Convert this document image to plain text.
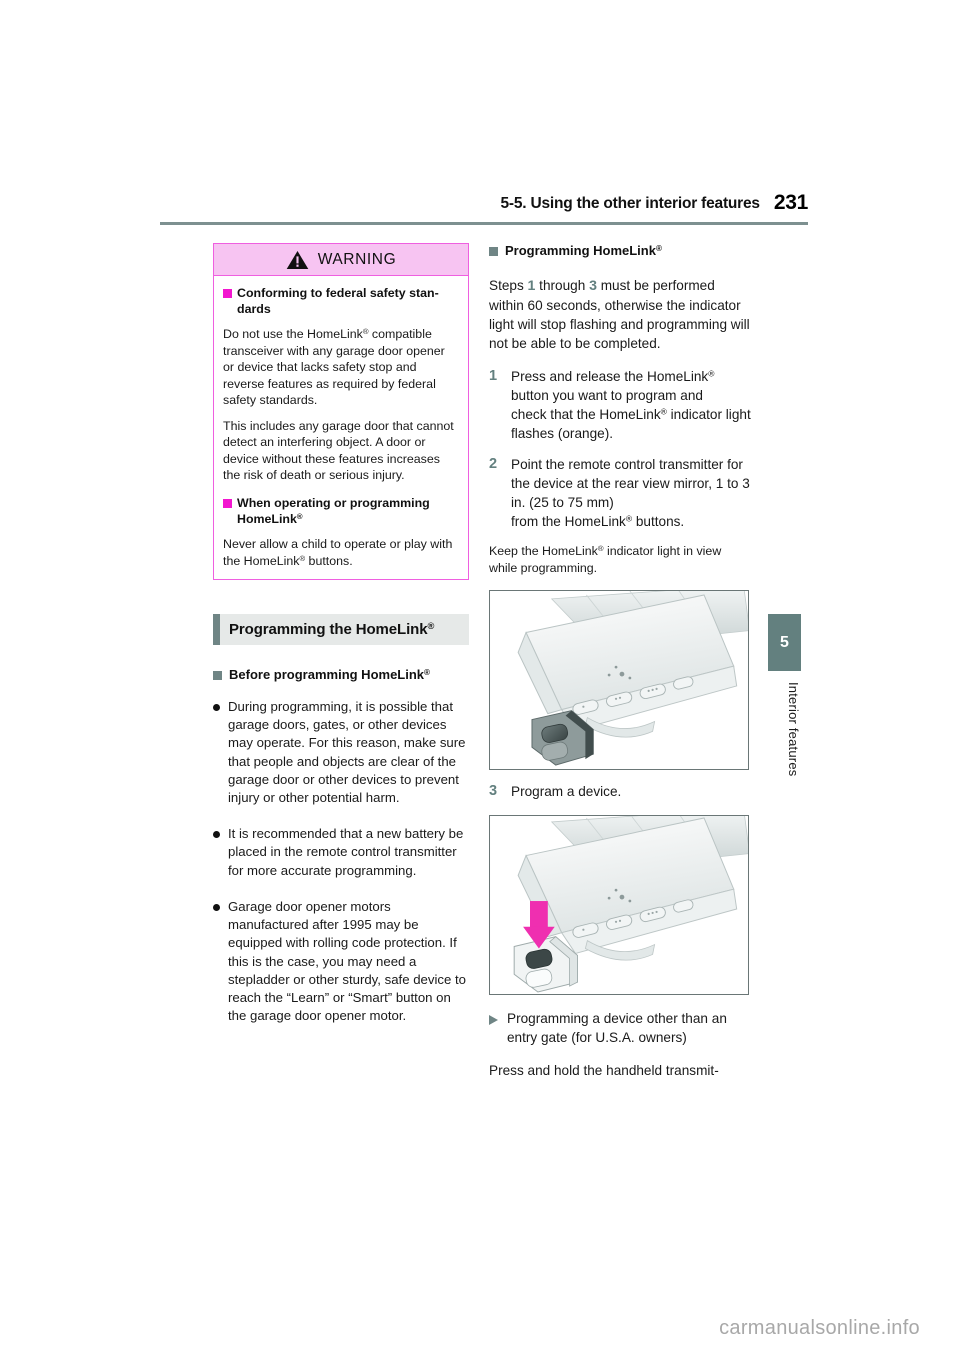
5-5. Using the other interior features 231
WARNING
Conforming to federal safety stan-dards

Do not use the HomeLink® compatible transceiver with any garage door opener or device that lacks safety stop and reverse features as required by federal safety standards.

This includes any garage door that cannot detect an interfering object. A door or device without these features increases the risk of death or serious injury.

When operating or programming HomeLink®

Never allow a child to operate or play with the HomeLink® buttons.

Programming the HomeLink®
Before programming HomeLink®
During programming, it is possible that garage doors, gates, or other devices may operate. For this reason, make sure that people and objects are clear of the garage door or other devices to prevent injury or other potential harm.
It is recommended that a new battery be placed in the remote control transmitter for more accurate programming.
Garage door opener motors manufactured after 1995 may be equipped with rolling code protection. If this is the case, you may need a stepladder or other sturdy, safe device to reach the “Learn” or “Smart” button on the garage door opener motor.
Programming HomeLink®

Steps 1 through 3 must be performed within 60 seconds, otherwise the indicator light will stop flashing and programming will not be able to be completed.

1	Press and release the HomeLink® button you want to program and
check that the HomeLink® indicator light flashes (orange).
2	Point the remote control transmitter for the device at the rear view mirror, 1 to 3 in. (25 to 75 mm)
from the HomeLink® buttons.

Keep the HomeLink® indicator light in view while programming.

3	Program a device.
Programming a device other than an entry gate (for U.S.A. owners)

Press and hold the handheld transmit-

5
Interior features
carmanualsonline.info
